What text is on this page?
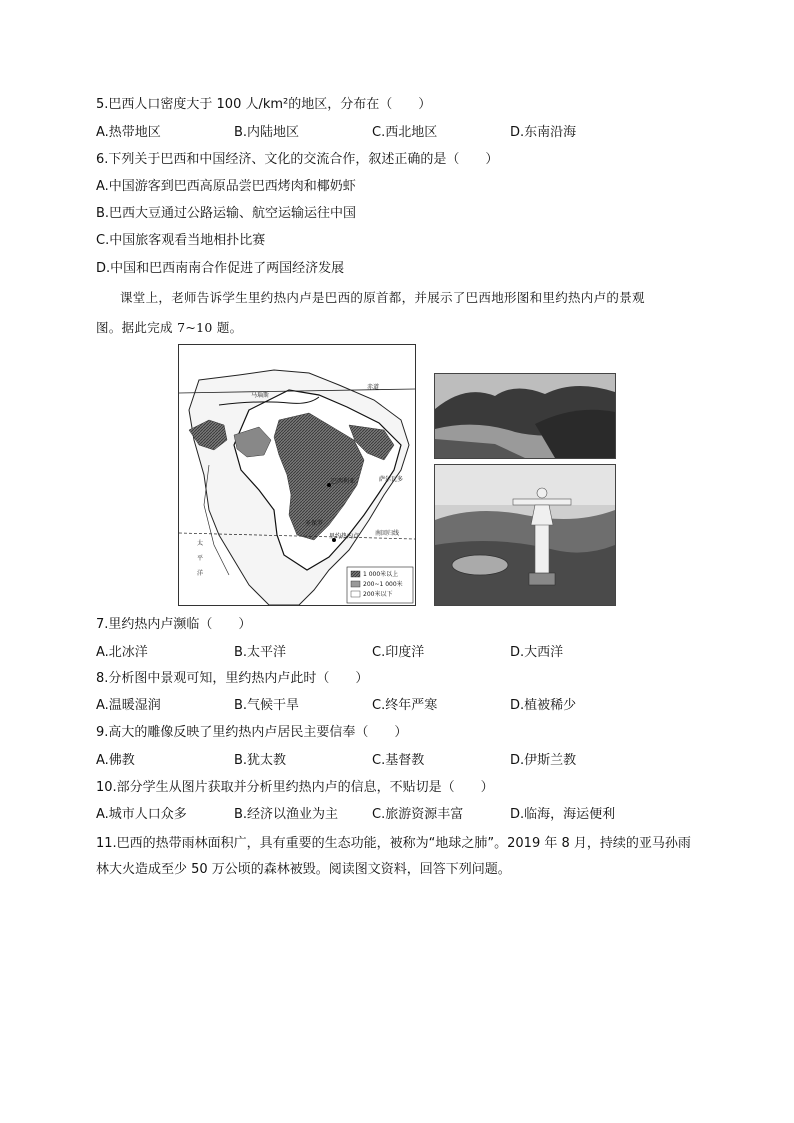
5.巴西人口密度大于 100 人/km²的地区，分布在（　　）
A.热带地区	B.内陆地区	C.西北地区	D.东南沿海
6.下列关于巴西和中国经济、文化的交流合作，叙述正确的是（　　）
A.中国游客到巴西高原品尝巴西烤肉和椰奶虾
B.巴西大豆通过公路运输、航空运输运往中国
C.中国旅客观看当地相扑比赛
D.中国和巴西南南合作促进了两国经济发展
课堂上，老师告诉学生里约热内卢是巴西的原首都，并展示了巴西地形图和里约热内卢的景观
图。据此完成 7~10 题。
马瑙斯
赤道
巴西利亚	萨尔瓦多
圣保罗
里约热内卢	南回归线
太
平
洋	1 000米以上
200~1 000米
200米以下
7.里约热内卢濒临（　　）
A.北冰洋	B.太平洋	C.印度洋	D.大西洋
8.分析图中景观可知，里约热内卢此时（　　）
A.温暖湿润	B.气候干旱	C.终年严寒	D.植被稀少
9.高大的雕像反映了里约热内卢居民主要信奉（　　）
A.佛教	B.犹太教	C.基督教	D.伊斯兰教
10.部分学生从图片获取并分析里约热内卢的信息，不贴切是（　　）
A.城市人口众多	B.经济以渔业为主	C.旅游资源丰富	D.临海，海运便利
11.巴西的热带雨林面积广，具有重要的生态功能，被称为“地球之肺”。2019 年 8 月，持续的亚马孙雨林大火造成至少 50 万公顷的森林被毁。阅读图文资料，回答下列问题。
